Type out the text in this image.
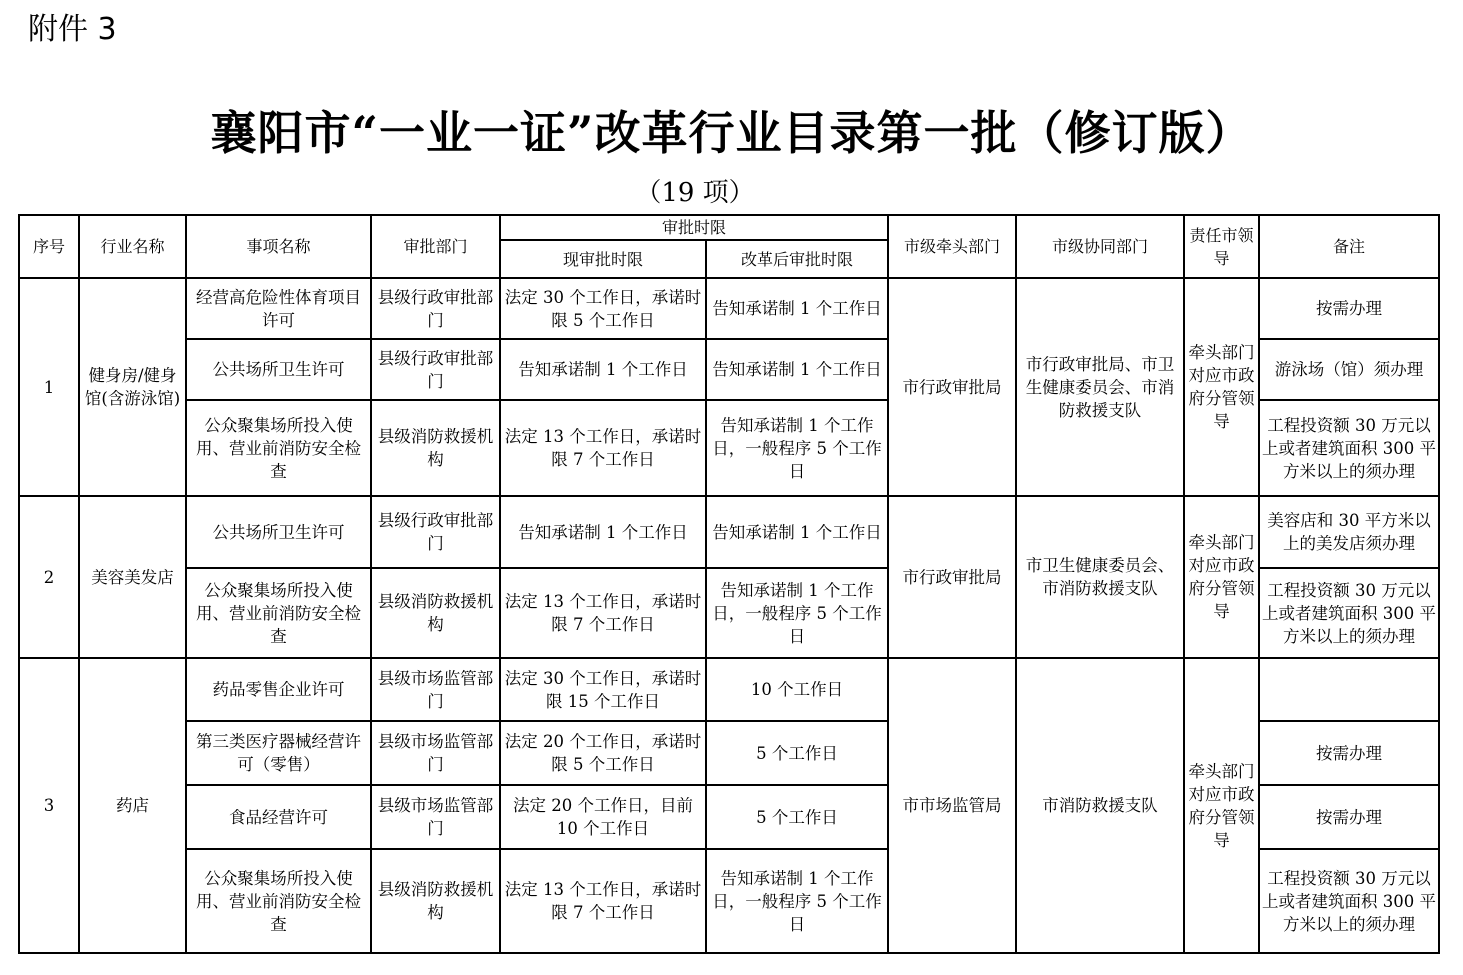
附件 3
襄阳市“一业一证”改革行业目录第一批（修订版）
（19 项）
序号	行业名称	事项名称	审批部门	审批时限		市级牵头部门	市级协同部门	责任市领导	备注
				现审批时限	改革后审批时限				
1	健身房/健身馆(含游泳馆)	经营高危险性体育项目许可	县级行政审批部门	法定 30 个工作日，承诺时限 5 个工作日	告知承诺制 1 个工作日	市行政审批局	市行政审批局、市卫生健康委员会、市消防救援支队	牵头部门对应市政府分管领导	按需办理
		公共场所卫生许可	县级行政审批部门	告知承诺制 1 个工作日	告知承诺制 1 个工作日				游泳场（馆）须办理
		公众聚集场所投入使用、营业前消防安全检查	县级消防救援机构	法定 13 个工作日，承诺时限 7 个工作日	告知承诺制 1 个工作日，一般程序 5 个工作日				工程投资额 30 万元以上或者建筑面积 300 平方米以上的须办理
2	美容美发店	公共场所卫生许可	县级行政审批部门	告知承诺制 1 个工作日	告知承诺制 1 个工作日	市行政审批局	市卫生健康委员会、市消防救援支队	牵头部门对应市政府分管领导	美容店和 30 平方米以上的美发店须办理
		公众聚集场所投入使用、营业前消防安全检查	县级消防救援机构	法定 13 个工作日，承诺时限 7 个工作日	告知承诺制 1 个工作日，一般程序 5 个工作日				工程投资额 30 万元以上或者建筑面积 300 平方米以上的须办理
3	药店	药品零售企业许可	县级市场监管部门	法定 30 个工作日，承诺时限 15 个工作日	10 个工作日	市市场监管局	市消防救援支队	牵头部门对应市政府分管领导	
		第三类医疗器械经营许可（零售）	县级市场监管部门	法定 20 个工作日，承诺时限 5 个工作日	5 个工作日				按需办理
		食品经营许可	县级市场监管部门	法定 20 个工作日，目前 10 个工作日	5 个工作日				按需办理
		公众聚集场所投入使用、营业前消防安全检查	县级消防救援机构	法定 13 个工作日，承诺时限 7 个工作日	告知承诺制 1 个工作日，一般程序 5 个工作日				工程投资额 30 万元以上或者建筑面积 300 平方米以上的须办理
